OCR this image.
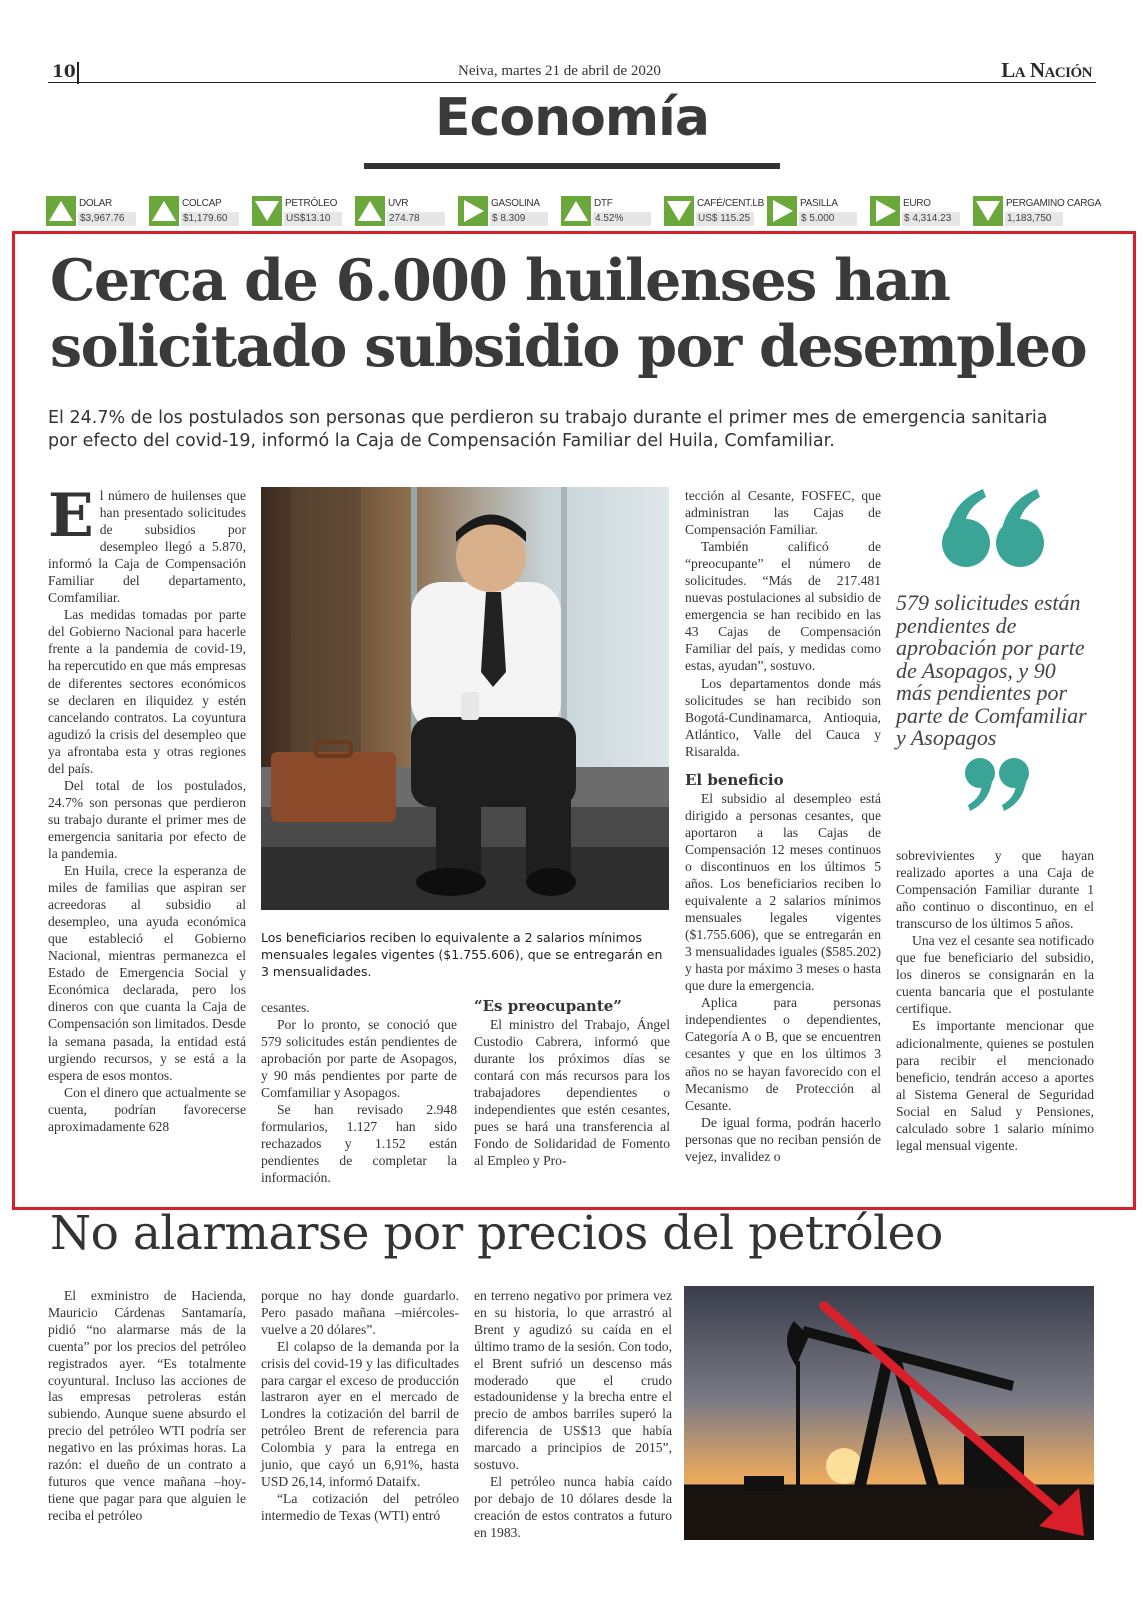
10	Neiva, martes 21 de abril de 2020	La Nación
Economía
DOLAR
$3,967.76
COLCAP
$1,179.60
PETRÓLEO
US$13.10
UVR
274.78
GASOLINA
$ 8.309
DTF
4.52%
CAFÉ/CENT.LB
US$ 115.25
PASILLA
$ 5.000
EURO
$ 4,314.23
PERGAMINO CARGA
1,183,750
Cerca de 6.000 huilenses han
solicitado subsidio por desempleo
El 24.7% de los postulados son personas que perdieron su trabajo durante el primer mes de emergencia sanitaria por efecto del covid-19, informó la Caja de Compensación Familiar del Huila, Comfamiliar.
E l número de huilenses que han presentado solicitudes de subsidios por desempleo llegó a 5.870, informó la Caja de Compensación Familiar del departamento, Comfamiliar.

Las medidas tomadas por parte del Gobierno Nacional para hacerle frente a la pandemia de covid-19, ha repercutido en que más empresas de diferentes sectores económicos se declaren en iliquidez y estén cancelando contratos. La coyuntura agudizó la crisis del desempleo que ya afrontaba esta y otras regiones del país.

Del total de los postulados, 24.7% son personas que perdieron su trabajo durante el primer mes de emergencia sanitaria por efecto de la pandemia.

En Huila, crece la esperanza de miles de familias que aspiran ser acreedoras al subsidio al desempleo, una ayuda económica que estableció el Gobierno Nacional, mientras permanezca el Estado de Emergencia Social y Económica declarada, pero los dineros con que cuanta la Caja de Compensación son limitados. Desde la semana pasada, la entidad está urgiendo recursos, y se está a la espera de esos montos.

Con el dinero que actualmente se cuenta, podrían favorecerse aproximadamente 628

Los beneficiarios reciben lo equivalente a 2 salarios mínimos mensuales legales vigentes ($1.755.606), que se entregarán en 3 mensualidades.

cesantes.

Por lo pronto, se conoció que 579 solicitudes están pendientes de aprobación por parte de Asopagos, y 90 más pendientes por parte de Comfamiliar y Asopagos.

Se han revisado 2.948 formularios, 1.127 han sido rechazados y 1.152 están pendientes de completar la información.

“Es preocupante”

El ministro del Trabajo, Ángel Custodio Cabrera, informó que durante los próximos días se contará con más recursos para los trabajadores dependientes o independientes que estén cesantes, pues se hará una transferencia al Fondo de Solidaridad de Fomento al Empleo y Pro-

tección al Cesante, FOSFEC, que administran las Cajas de Compensación Familiar.

También calificó de “preocupante” el número de solicitudes. “Más de 217.481 nuevas postulaciones al subsidio de emergencia se han recibido en las 43 Cajas de Compensación Familiar del país, y medidas como estas, ayudan”, sostuvo.

Los departamentos donde más solicitudes se han recibido son Bogotá-Cundinamarca, Antioquia, Atlántico, Valle del Cauca y Risaralda.

El beneficio

El subsidio al desempleo está dirigido a personas cesantes, que aportaron a las Cajas de Compensación 12 meses continuos o discontinuos en los últimos 5 años. Los beneficiarios reciben lo equivalente a 2 salarios mínimos mensuales legales vigentes ($1.755.606), que se entregarán en 3 mensualidades iguales ($585.202) y hasta por máximo 3 meses o hasta que dure la emergencia.

Aplica para personas independientes o dependientes, Categoría A o B, que se encuentren cesantes y que en los últimos 3 años no se hayan favorecido con el Mecanismo de Protección al Cesante.

De igual forma, podrán hacerlo personas que no reciban pensión de vejez, invalidez o

579 solicitudes están pendientes de aprobación por parte de Asopagos, y 90 más pendientes por parte de Comfamiliar y Asopagos

sobrevivientes y que hayan realizado aportes a una Caja de Compensación Familiar durante 1 año continuo o discontinuo, en el transcurso de los últimos 5 años.

Una vez el cesante sea notificado que fue beneficiario del subsidio, los dineros se consignarán en la cuenta bancaria que el postulante certifique.

Es importante mencionar que adicionalmente, quienes se postulen para recibir el mencionado beneficio, tendrán acceso a aportes al Sistema General de Seguridad Social en Salud y Pensiones, calculado sobre 1 salario mínimo legal mensual vigente.

No alarmarse por precios del petróleo

El exministro de Hacienda, Mauricio Cárdenas Santamaría, pidió “no alarmarse más de la cuenta” por los precios del petróleo registrados ayer. “Es totalmente coyuntural. Incluso las acciones de las empresas petroleras están subiendo. Aunque suene absurdo el precio del petróleo WTI podría ser negativo en las próximas horas. La razón: el dueño de un contrato a futuros que vence mañana –hoy- tiene que pagar para que alguien le reciba el petróleo

porque no hay donde guardarlo. Pero pasado mañana –miércoles- vuelve a 20 dólares”.

El colapso de la demanda por la crisis del covid-19 y las dificultades para cargar el exceso de producción lastraron ayer en el mercado de Londres la cotización del barril de petróleo Brent de referencia para Colombia y para la entrega en junio, que cayó un 6,91%, hasta USD 26,14, informó Dataifx.

“La cotización del petróleo intermedio de Texas (WTI) entró

en terreno negativo por primera vez en su historia, lo que arrastró al Brent y agudizó su caída en el último tramo de la sesión. Con todo, el Brent sufrió un descenso más moderado que el crudo estadounidense y la brecha entre el precio de ambos barriles superó la diferencia de US$13 que había marcado a principios de 2015”, sostuvo.

El petróleo nunca había caído por debajo de 10 dólares desde la creación de estos contratos a futuro en 1983.
